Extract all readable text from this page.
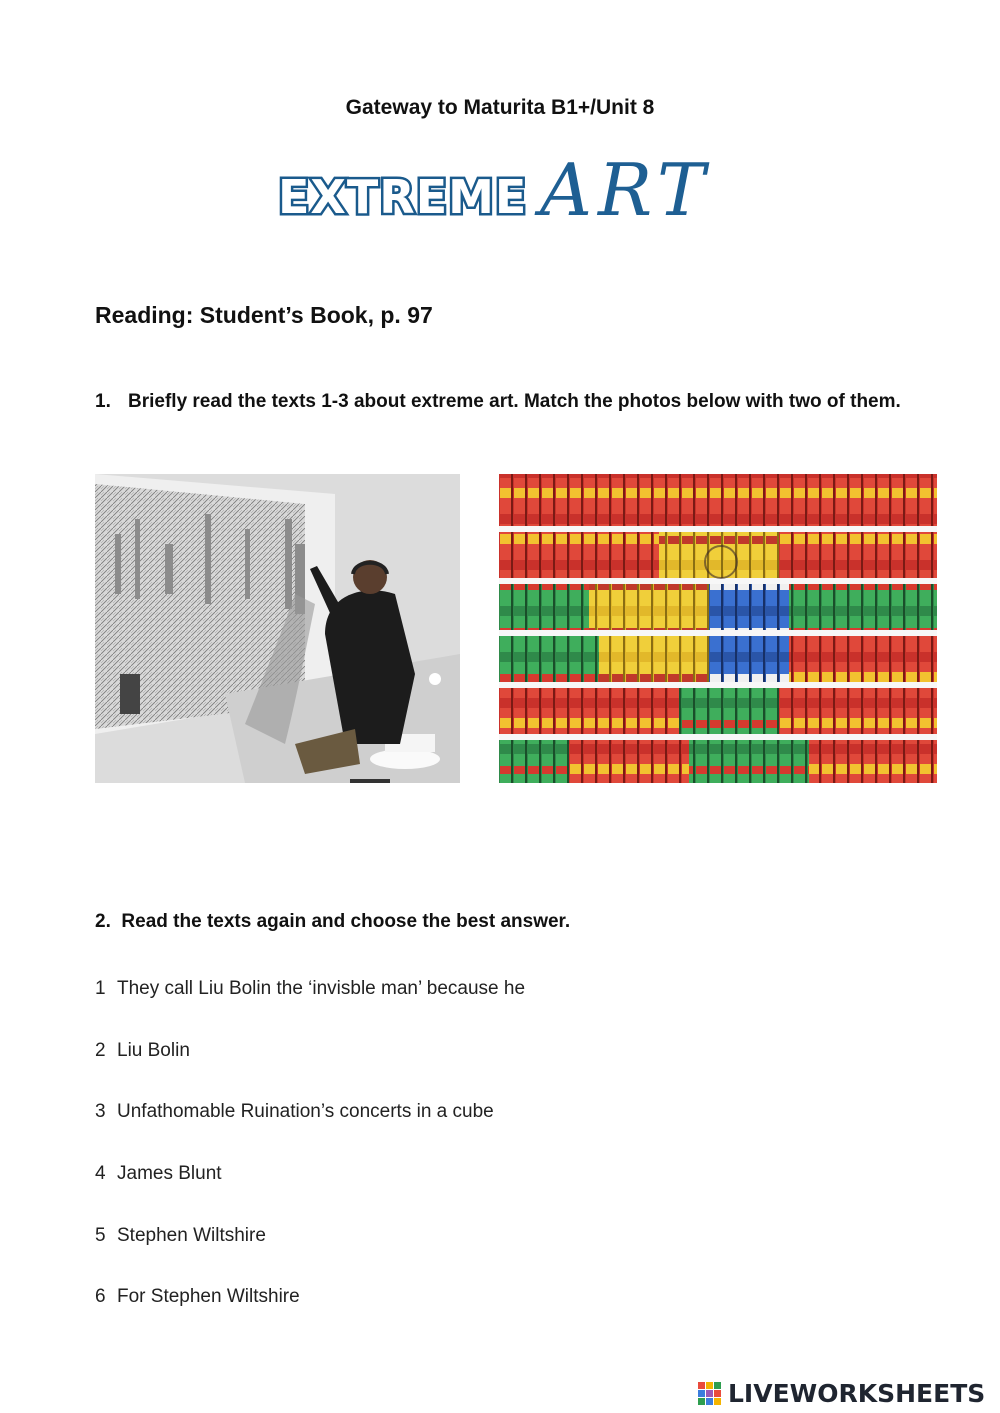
Gateway to Maturita B1+/Unit 8
EXTREME ART
Reading: Student’s Book, p. 97
1. Briefly read the texts 1-3 about extreme art. Match the photos below with two of them.
2. Read the texts again and choose the best answer.
1 They call Liu Bolin the ‘invisble man’ because he
2 Liu Bolin
3 Unfathomable Ruination’s concerts in a cube
4 James Blunt
5 Stephen Wiltshire
6 For Stephen Wiltshire
LIVEWORKSHEETS
